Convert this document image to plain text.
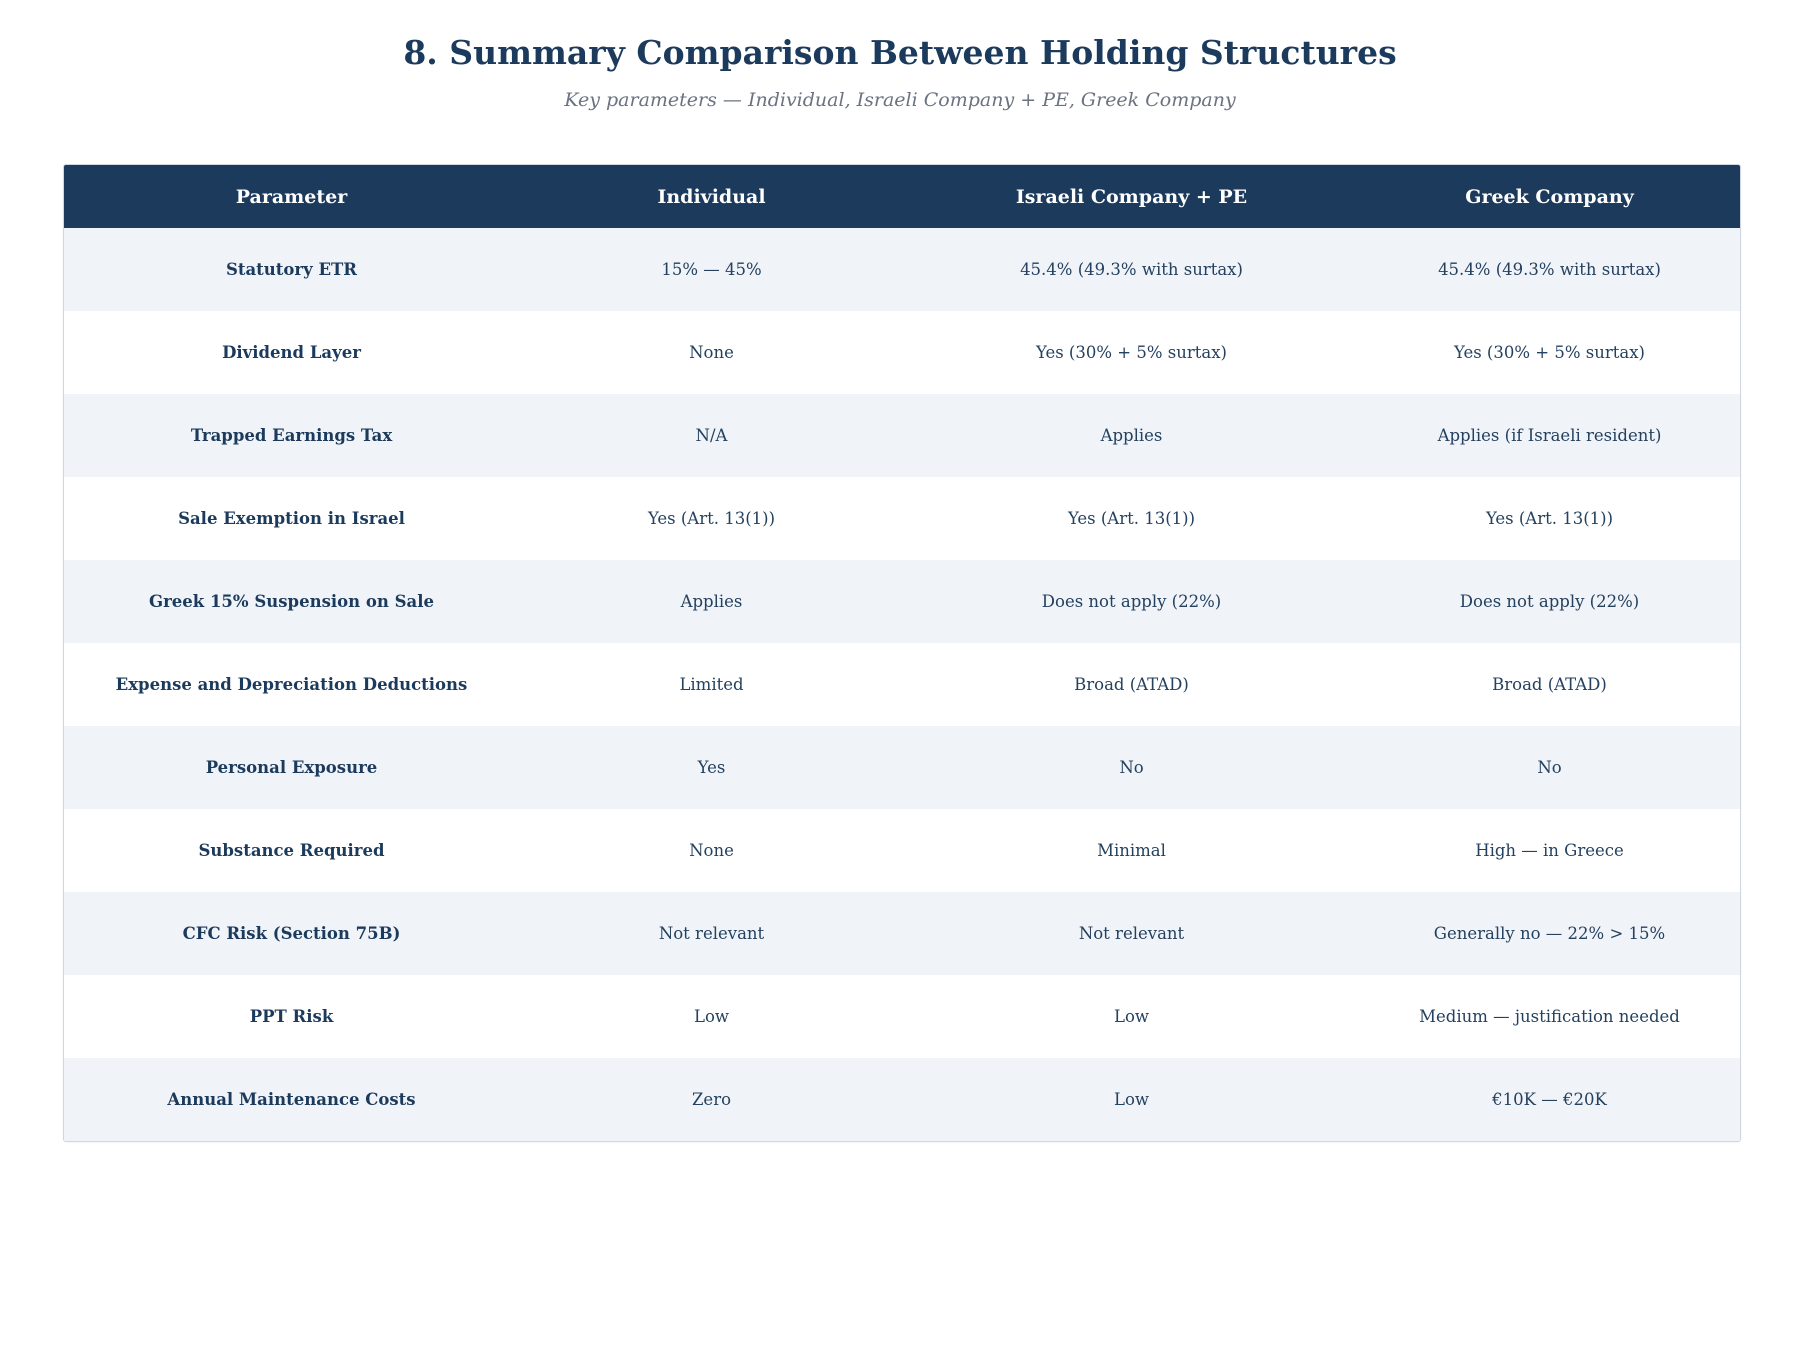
8. Summary Comparison Between Holding Structures
Key parameters — Individual, Israeli Company + PE, Greek Company
Parameter	Individual	Israeli Company + PE	Greek Company
Statutory ETR	15% — 45%	45.4% (49.3% with surtax)	45.4% (49.3% with surtax)
Dividend Layer	None	Yes (30% + 5% surtax)	Yes (30% + 5% surtax)
Trapped Earnings Tax	N/A	Applies	Applies (if Israeli resident)
Sale Exemption in Israel	Yes (Art. 13(1))	Yes (Art. 13(1))	Yes (Art. 13(1))
Greek 15% Suspension on Sale	Applies	Does not apply (22%)	Does not apply (22%)
Expense and Depreciation Deductions	Limited	Broad (ATAD)	Broad (ATAD)
Personal Exposure	Yes	No	No
Substance Required	None	Minimal	High — in Greece
CFC Risk (Section 75B)	Not relevant	Not relevant	Generally no — 22% > 15%
PPT Risk	Low	Low	Medium — justification needed
Annual Maintenance Costs	Zero	Low	€10K — €20K
